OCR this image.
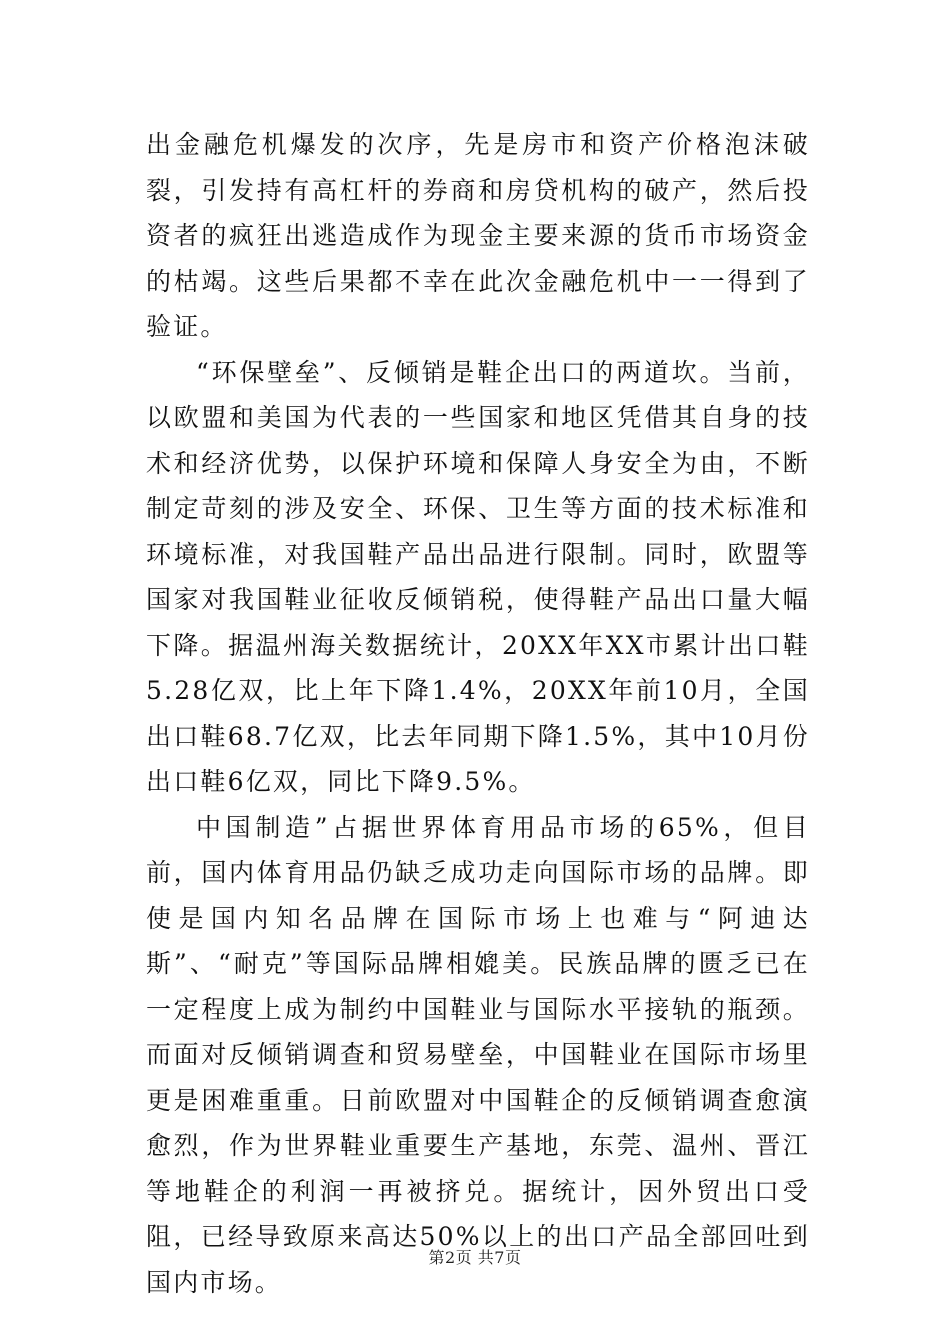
出金融危机爆发的次序，先是房市和资产价格泡沫破裂，引发持有高杠杆的券商和房贷机构的破产，然后投资者的疯狂出逃造成作为现金主要来源的货币市场资金的枯竭。这些后果都不幸在此次金融危机中一一得到了验证。

“环保壁垒”、反倾销是鞋企出口的两道坎。当前，以欧盟和美国为代表的一些国家和地区凭借其自身的技术和经济优势，以保护环境和保障人身安全为由，不断制定苛刻的涉及安全、环保、卫生等方面的技术标准和环境标准，对我国鞋产品出品进行限制。同时，欧盟等国家对我国鞋业征收反倾销税，使得鞋产品出口量大幅下降。据温州海关数据统计，20XX年XX市累计出口鞋5.28亿双，比上年下降1.4%，20XX年前10月，全国出口鞋68.7亿双，比去年同期下降1.5%，其中10月份出口鞋6亿双，同比下降9.5%。

中国制造”占据世界体育用品市场的65%，但目前，国内体育用品仍缺乏成功走向国际市场的品牌。即使是国内知名品牌在国际市场上也难与“阿迪达斯”、“耐克”等国际品牌相媲美。民族品牌的匮乏已在一定程度上成为制约中国鞋业与国际水平接轨的瓶颈。而面对反倾销调查和贸易壁垒，中国鞋业在国际市场里更是困难重重。日前欧盟对中国鞋企的反倾销调查愈演愈烈，作为世界鞋业重要生产基地，东莞、温州、晋江等地鞋企的利润一再被挤兑。据统计，因外贸出口受阻，已经导致原来高达50%以上的出口产品全部回吐到国内市场。

第2页 共7页
